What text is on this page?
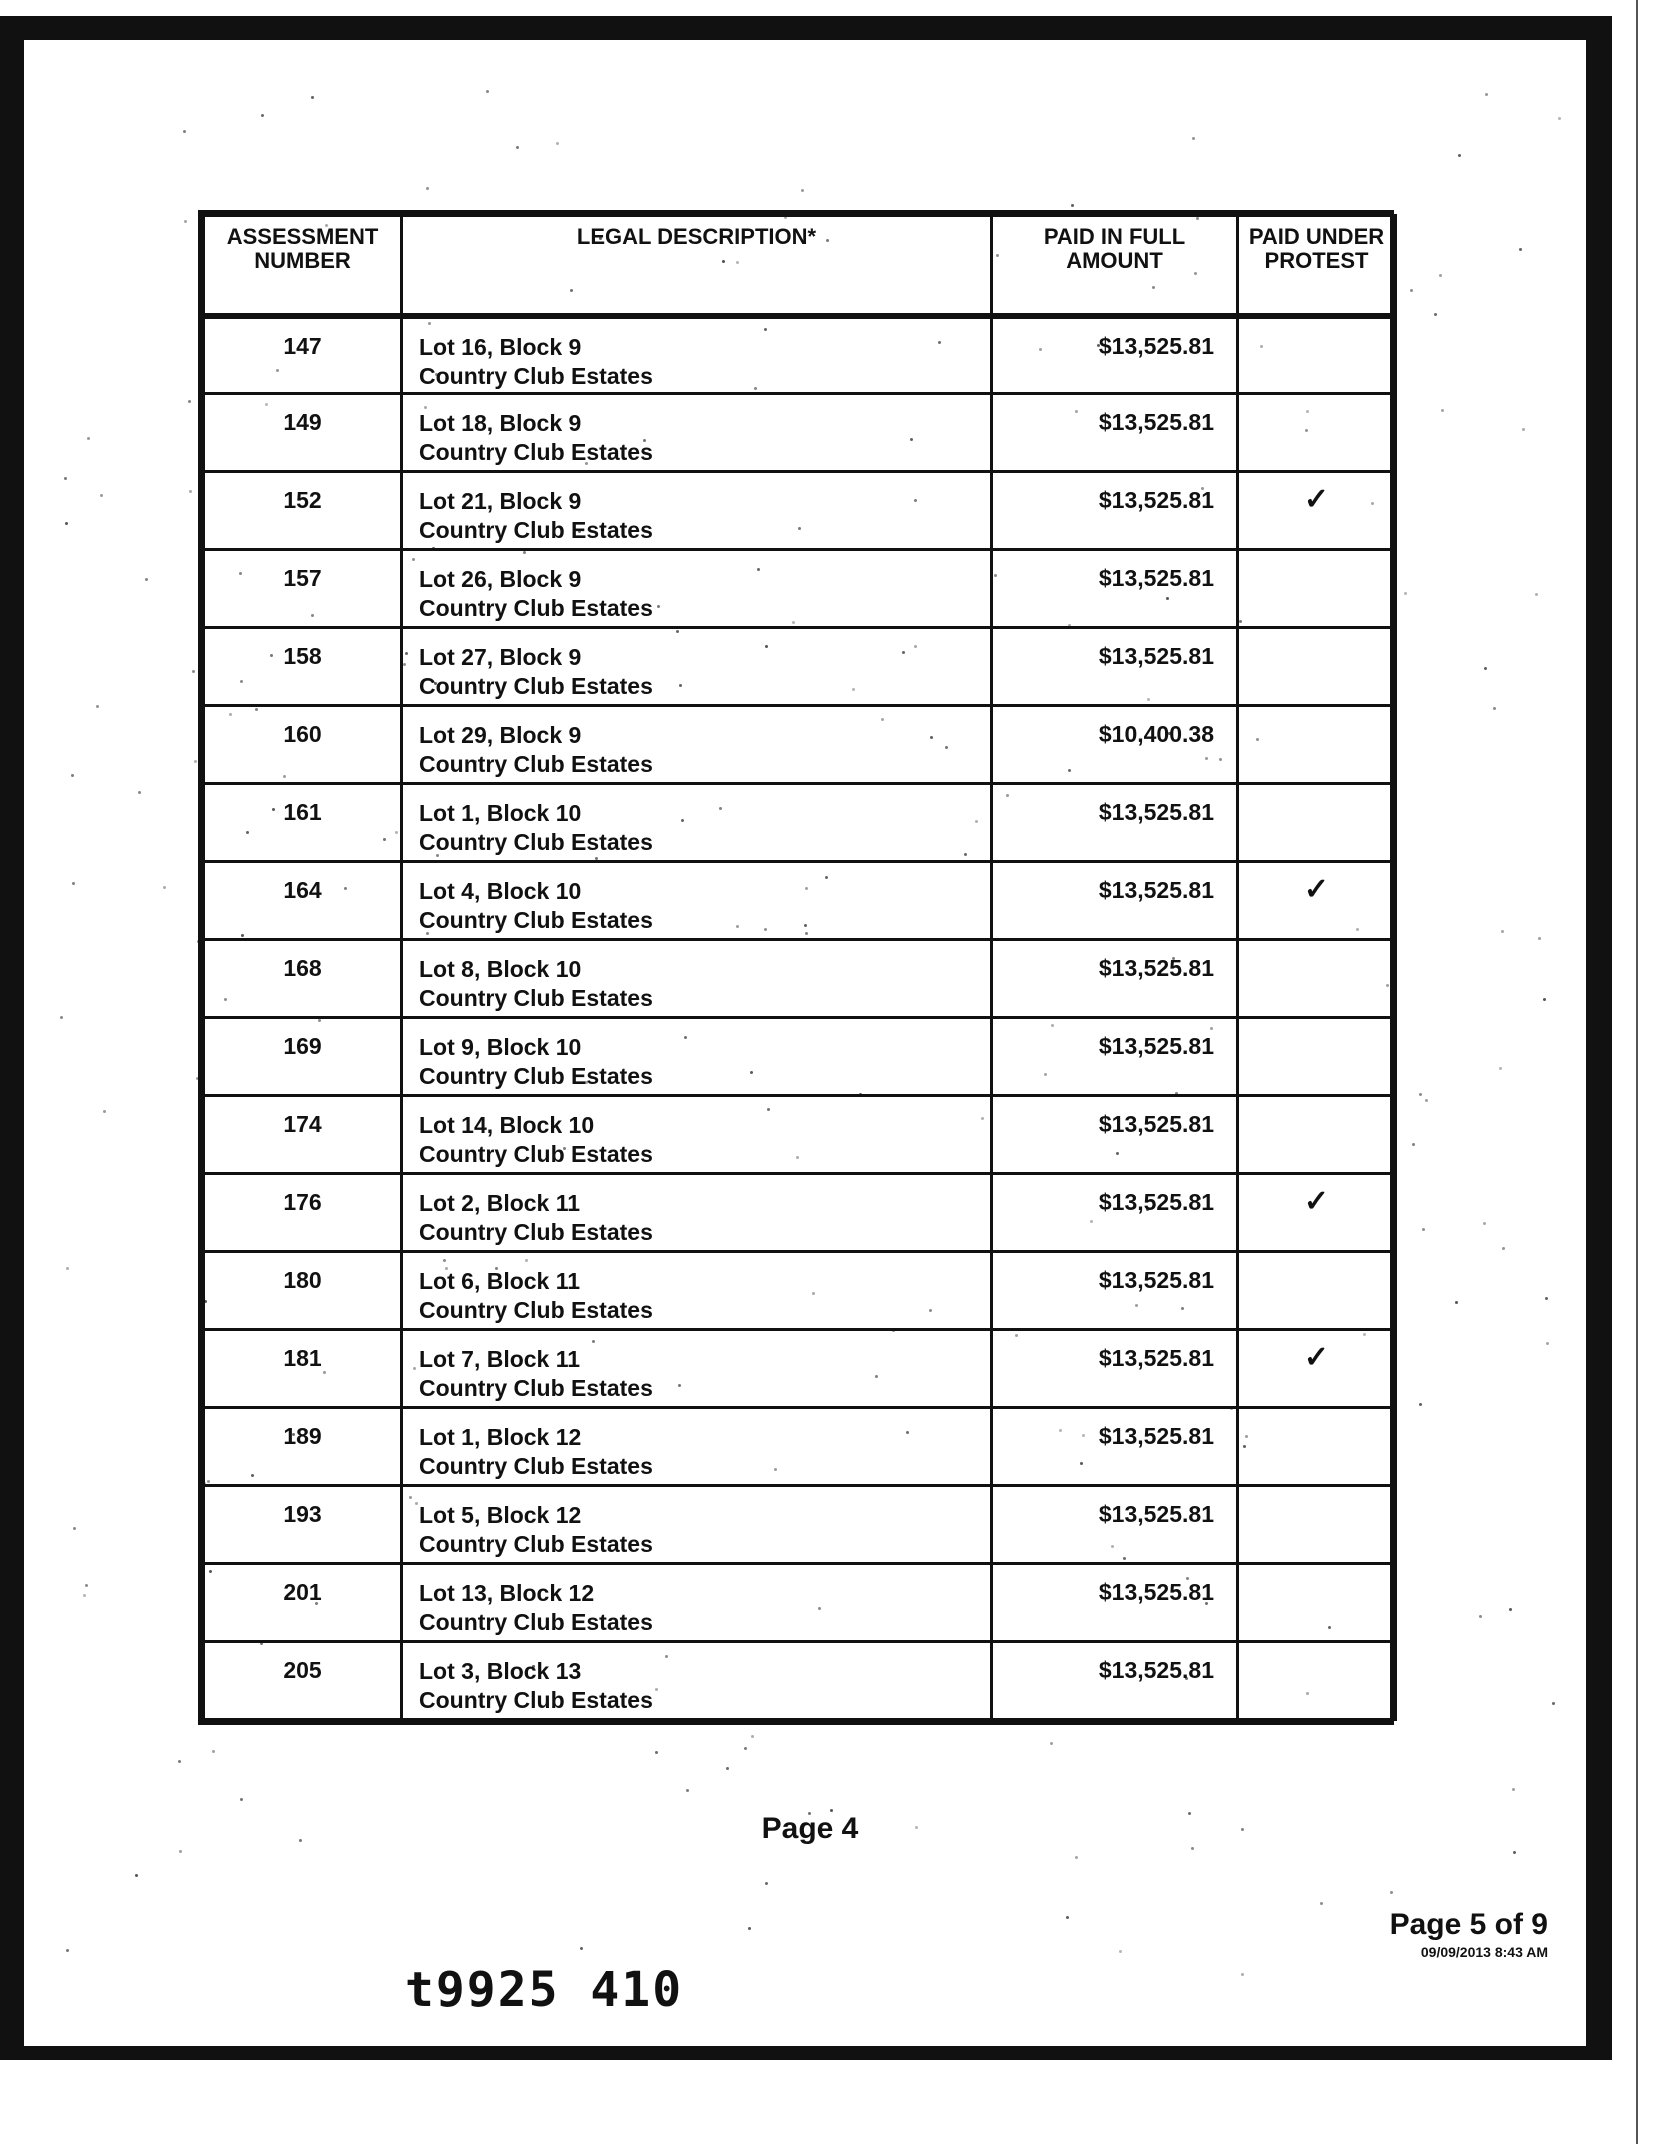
ASSESSMENT NUMBER	LEGAL DESCRIPTION*	PAID IN FULL AMOUNT	PAID UNDER PROTEST
147	Lot 16, Block 9
Country Club Estates	$13,525.81	
149	Lot 18, Block 9
Country Club Estates	$13,525.81	
152	Lot 21, Block 9
Country Club Estates	$13,525.81	✓
157	Lot 26, Block 9
Country Club Estates	$13,525.81	
158	Lot 27, Block 9
Country Club Estates	$13,525.81	
160	Lot 29, Block 9
Country Club Estates	$10,400.38	
161	Lot 1, Block 10
Country Club Estates	$13,525.81	
164	Lot 4, Block 10
Country Club Estates	$13,525.81	✓
168	Lot 8, Block 10
Country Club Estates	$13,525.81	
169	Lot 9, Block 10
Country Club Estates	$13,525.81	
174	Lot 14, Block 10
Country Club Estates	$13,525.81	
176	Lot 2, Block 11
Country Club Estates	$13,525.81	✓
180	Lot 6, Block 11
Country Club Estates	$13,525.81	
181	Lot 7, Block 11
Country Club Estates	$13,525.81	✓
189	Lot 1, Block 12
Country Club Estates	$13,525.81	
193	Lot 5, Block 12
Country Club Estates	$13,525.81	
201	Lot 13, Block 12
Country Club Estates	$13,525.81	
205	Lot 3, Block 13
Country Club Estates	$13,525.81	
Page 4
Page 5 of 9
09/09/2013 8:43 AM
t9925 410
